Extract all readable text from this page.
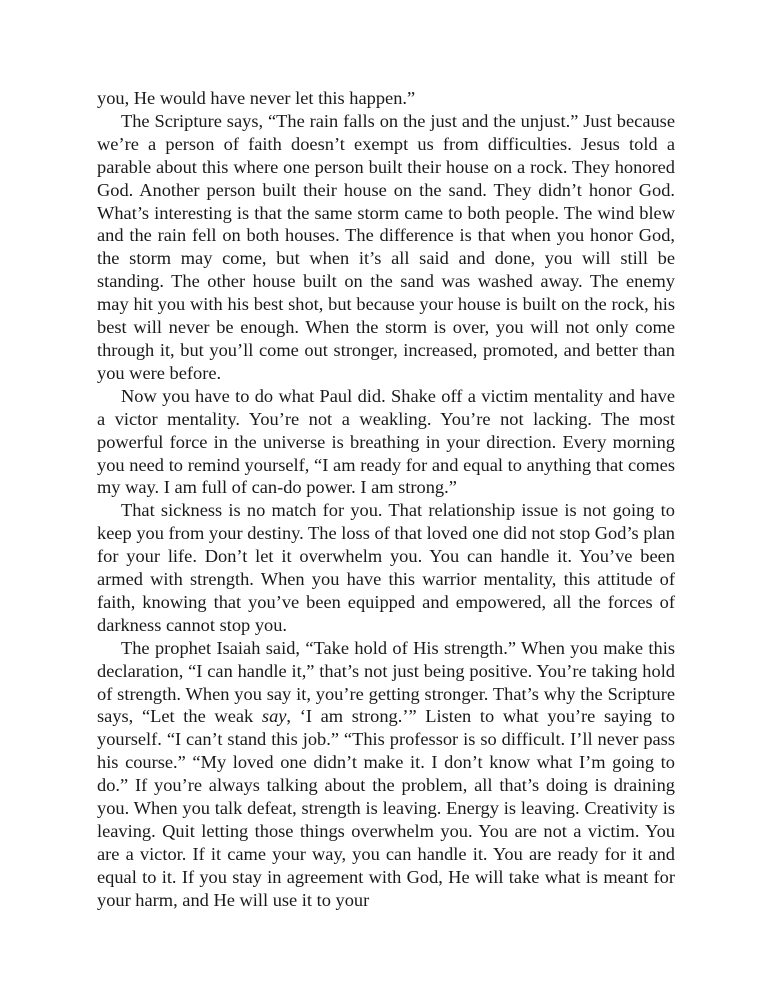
you, He would have never let this happen.”

The Scripture says, “The rain falls on the just and the unjust.” Just because we’re a person of faith doesn’t exempt us from difficulties. Jesus told a parable about this where one person built their house on a rock. They honored God. Another person built their house on the sand. They didn’t honor God. What’s interesting is that the same storm came to both people. The wind blew and the rain fell on both houses. The difference is that when you honor God, the storm may come, but when it’s all said and done, you will still be standing. The other house built on the sand was washed away. The enemy may hit you with his best shot, but because your house is built on the rock, his best will never be enough. When the storm is over, you will not only come through it, but you’ll come out stronger, increased, promoted, and better than you were before.

Now you have to do what Paul did. Shake off a victim mentality and have a victor mentality. You’re not a weakling. You’re not lacking. The most powerful force in the universe is breathing in your direction. Every morning you need to remind yourself, “I am ready for and equal to anything that comes my way. I am full of can-do power. I am strong.”

That sickness is no match for you. That relationship issue is not going to keep you from your destiny. The loss of that loved one did not stop God’s plan for your life. Don’t let it overwhelm you. You can handle it. You’ve been armed with strength. When you have this warrior mentality, this attitude of faith, knowing that you’ve been equipped and empowered, all the forces of darkness cannot stop you.

The prophet Isaiah said, “Take hold of His strength.” When you make this declaration, “I can handle it,” that’s not just being positive. You’re taking hold of strength. When you say it, you’re getting stronger. That’s why the Scripture says, “Let the weak say, ‘I am strong.’” Listen to what you’re saying to yourself. “I can’t stand this job.” “This professor is so difficult. I’ll never pass his course.” “My loved one didn’t make it. I don’t know what I’m going to do.” If you’re always talking about the problem, all that’s doing is draining you. When you talk defeat, strength is leaving. Energy is leaving. Creativity is leaving. Quit letting those things overwhelm you. You are not a victim. You are a victor. If it came your way, you can handle it. You are ready for it and equal to it. If you stay in agreement with God, He will take what is meant for your harm, and He will use it to your
